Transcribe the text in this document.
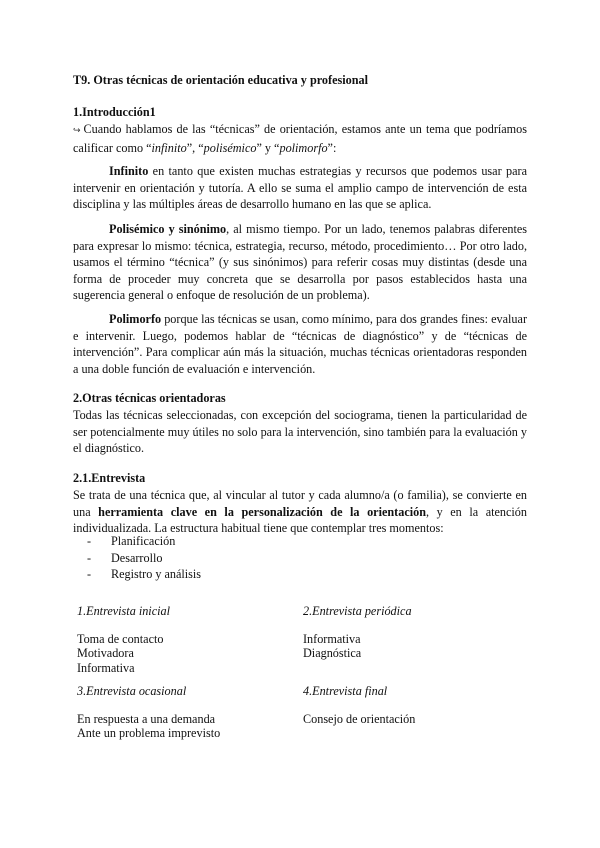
T9. Otras técnicas de orientación educativa y profesional
1.Introducción1
↪ Cuando hablamos de las “técnicas” de orientación, estamos ante un tema que podríamos calificar como “infinito”, “polisémico” y “polimorfo”:
Infinito en tanto que existen muchas estrategias y recursos que podemos usar para intervenir en orientación y tutoría. A ello se suma el amplio campo de intervención de esta disciplina y las múltiples áreas de desarrollo humano en las que se aplica.
Polisémico y sinónimo, al mismo tiempo. Por un lado, tenemos palabras diferentes para expresar lo mismo: técnica, estrategia, recurso, método, procedimiento… Por otro lado, usamos el término “técnica” (y sus sinónimos) para referir cosas muy distintas (desde una forma de proceder muy concreta que se desarrolla por pasos establecidos hasta una sugerencia general o enfoque de resolución de un problema).
Polimorfo porque las técnicas se usan, como mínimo, para dos grandes fines: evaluar e intervenir. Luego, podemos hablar de “técnicas de diagnóstico” y de “técnicas de intervención”. Para complicar aún más la situación, muchas técnicas orientadoras responden a una doble función de evaluación e intervención.
2.Otras técnicas orientadoras
Todas las técnicas seleccionadas, con excepción del sociograma, tienen la particularidad de ser potencialmente muy útiles no solo para la intervención, sino también para la evaluación y el diagnóstico.
2.1.Entrevista
Se trata de una técnica que, al vincular al tutor y cada alumno/a (o familia), se convierte en una herramienta clave en la personalización de la orientación, y en la atención individualizada. La estructura habitual tiene que contemplar tres momentos:
- Planificación
- Desarrollo
- Registro y análisis
1.Entrevista inicial
Toma de contacto
Motivadora
Informativa
2.Entrevista periódica
Informativa
Diagnóstica
3.Entrevista ocasional
En respuesta a una demanda
Ante un problema imprevisto
4.Entrevista final
Consejo de orientación
